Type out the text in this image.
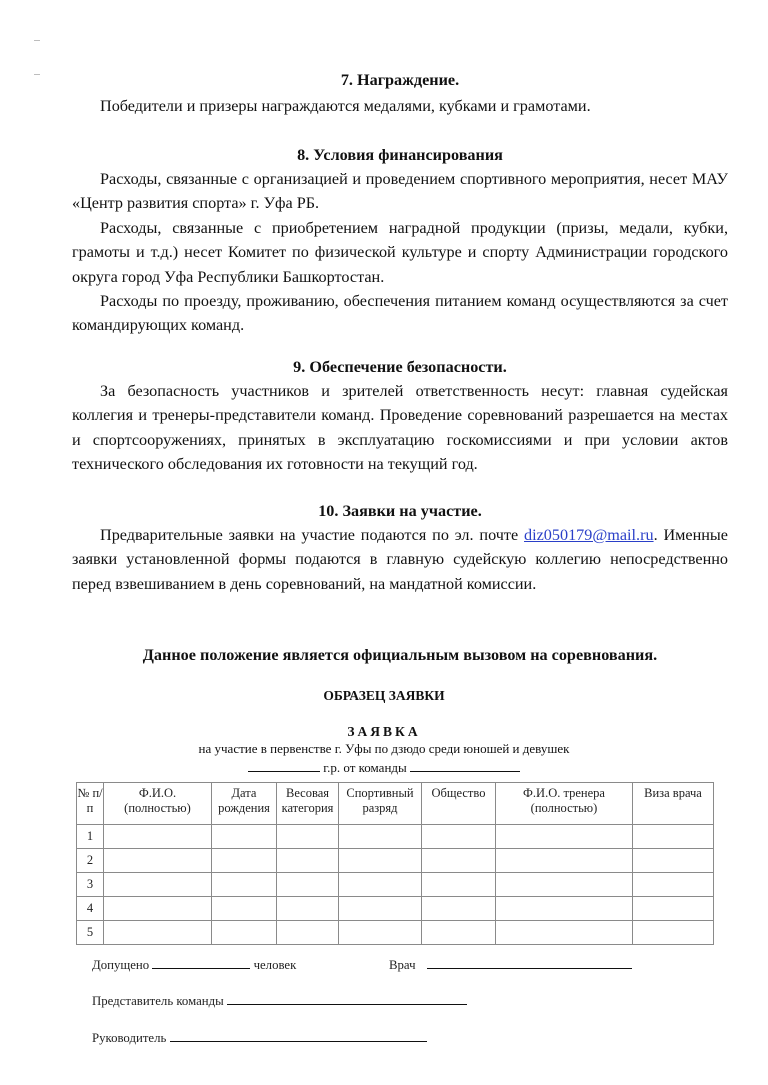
7. Награждение.

Победители и призеры награждаются медалями, кубками и грамотами.

8. Условия финансирования

Расходы, связанные с организацией и проведением спортивного мероприятия, несет МАУ «Центр развития спорта» г. Уфа РБ.

Расходы, связанные с приобретением наградной продукции (призы, медали, кубки, грамоты и т.д.) несет Комитет по физической культуре и спорту Администрации городского округа город Уфа Республики Башкортостан.

Расходы по проезду, проживанию, обеспечения питанием команд осуществляются за счет командирующих команд.

9. Обеспечение безопасности.

За безопасность участников и зрителей ответственность несут: главная судейская коллегия и тренеры-представители команд. Проведение соревнований разрешается на местах и спортсооружениях, принятых в эксплуатацию госкомиссиями и при условии актов технического обследования их готовности на текущий год.

10. Заявки на участие.

Предварительные заявки на участие подаются по эл. почте diz050179@mail.ru. Именные заявки установленной формы подаются в главную судейскую коллегию непосредственно перед взвешиванием в день соревнований, на мандатной комиссии.

Данное положение является официальным вызовом на соревнования.

ОБРАЗЕЦ ЗАЯВКИ
ЗАЯВКА
на участие в первенстве г. Уфы по дзюдо среди юношей и девушек
г.р. от команды
№ п/п	Ф.И.О. (полностью)	Дата рождения	Весовая категория	Спортивный разряд	Общество	Ф.И.О. тренера (полностью)	Виза врача
1							
2							
3							
4							
5							
Допущено	человек	Врач
Представитель команды
Руководитель
